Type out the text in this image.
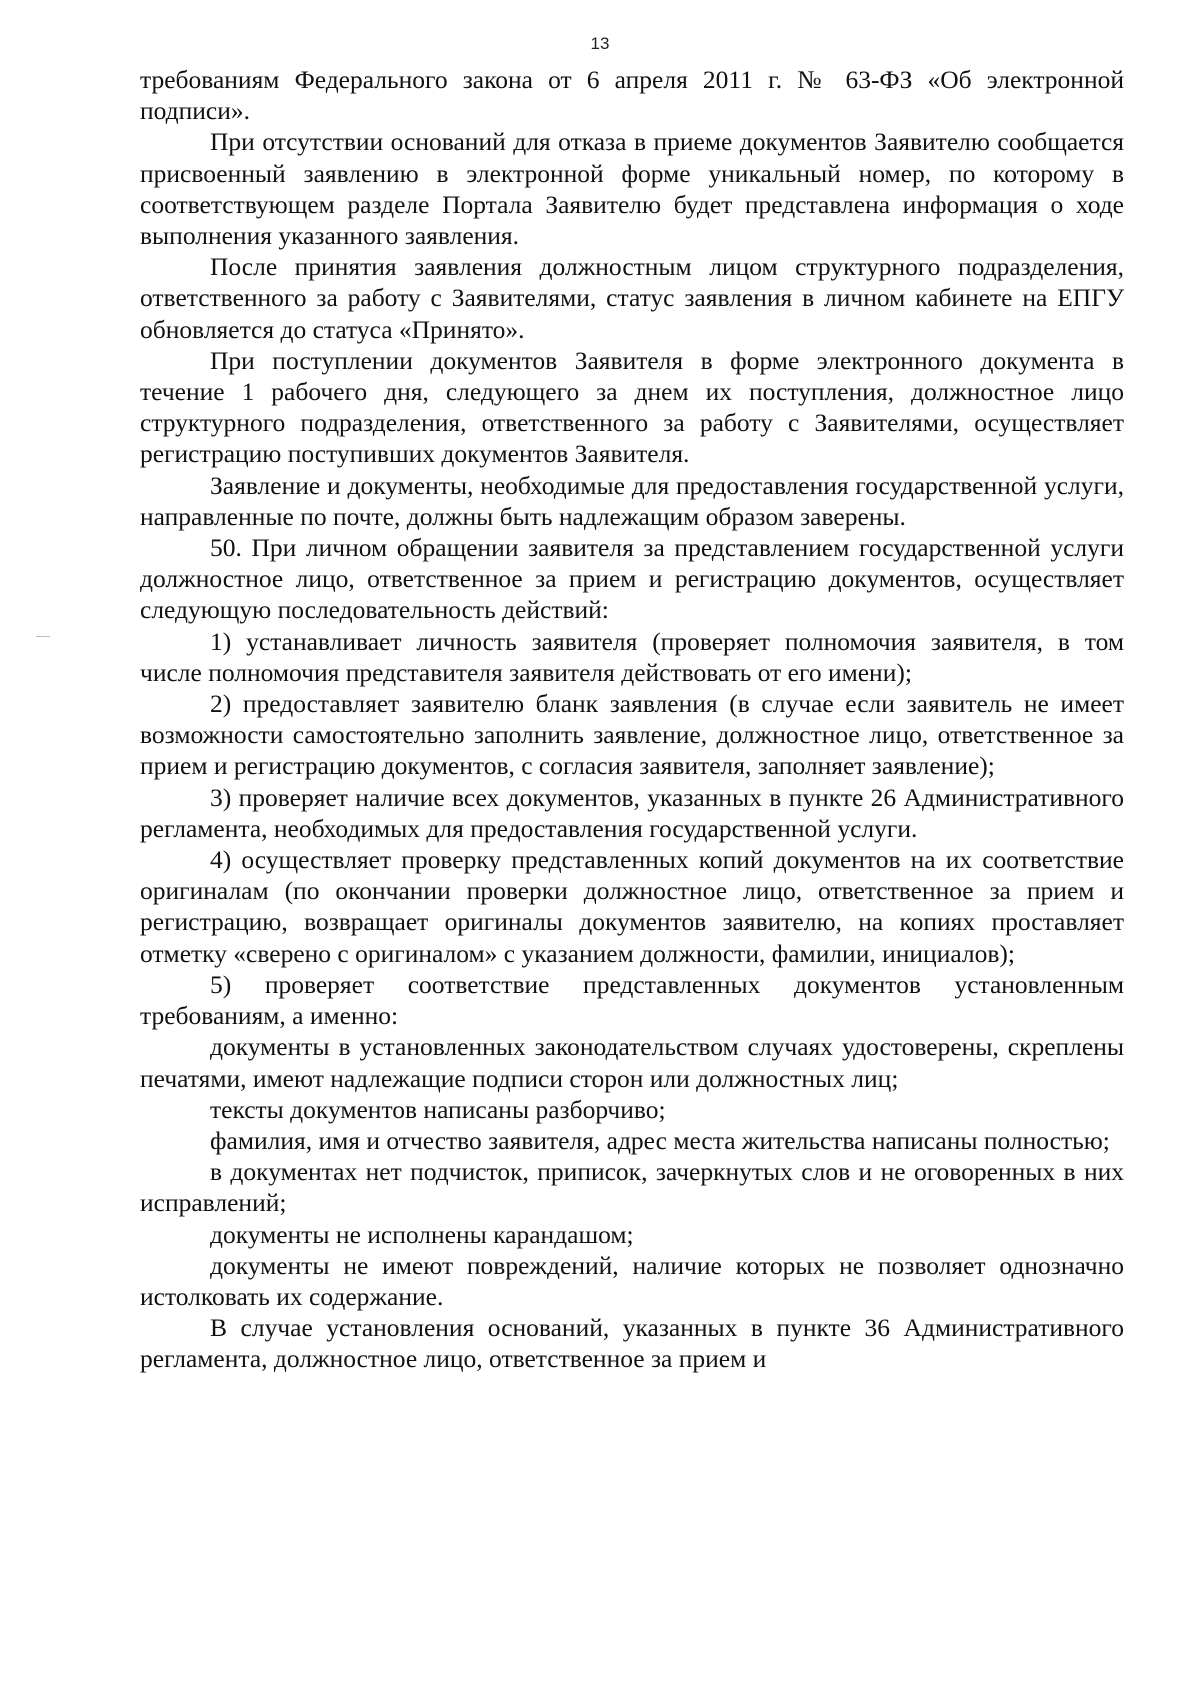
13

требованиям Федерального закона от 6 апреля 2011 г. № 63-ФЗ «Об электронной подписи».

При отсутствии оснований для отказа в приеме документов Заявителю сообщается присвоенный заявлению в электронной форме уникальный номер, по которому в соответствующем разделе Портала Заявителю будет представлена информация о ходе выполнения указанного заявления.

После принятия заявления должностным лицом структурного подразделения, ответственного за работу с Заявителями, статус заявления в личном кабинете на ЕПГУ обновляется до статуса «Принято».

При поступлении документов Заявителя в форме электронного документа в течение 1 рабочего дня, следующего за днем их поступления, должностное лицо структурного подразделения, ответственного за работу с Заявителями, осуществляет регистрацию поступивших документов Заявителя.

Заявление и документы, необходимые для предоставления государственной услуги, направленные по почте, должны быть надлежащим образом заверены.

50. При личном обращении заявителя за представлением государственной услуги должностное лицо, ответственное за прием и регистрацию документов, осуществляет следующую последовательность действий:

1) устанавливает личность заявителя (проверяет полномочия заявителя, в том числе полномочия представителя заявителя действовать от его имени);

2) предоставляет заявителю бланк заявления (в случае если заявитель не имеет возможности самостоятельно заполнить заявление, должностное лицо, ответственное за прием и регистрацию документов, с согласия заявителя, заполняет заявление);

3) проверяет наличие всех документов, указанных в пункте 26 Административного регламента, необходимых для предоставления государственной услуги.

4) осуществляет проверку представленных копий документов на их соответствие оригиналам (по окончании проверки должностное лицо, ответственное за прием и регистрацию, возвращает оригиналы документов заявителю, на копиях проставляет отметку «сверено с оригиналом» с указанием должности, фамилии, инициалов);

5) проверяет соответствие представленных документов установленным требованиям, а именно:

документы в установленных законодательством случаях удостоверены, скреплены печатями, имеют надлежащие подписи сторон или должностных лиц;

тексты документов написаны разборчиво;

фамилия, имя и отчество заявителя, адрес места жительства написаны полностью;

в документах нет подчисток, приписок, зачеркнутых слов и не оговоренных в них исправлений;

документы не исполнены карандашом;

документы не имеют повреждений, наличие которых не позволяет однозначно истолковать их содержание.

В случае установления оснований, указанных в пункте 36 Административного регламента, должностное лицо, ответственное за прием и
